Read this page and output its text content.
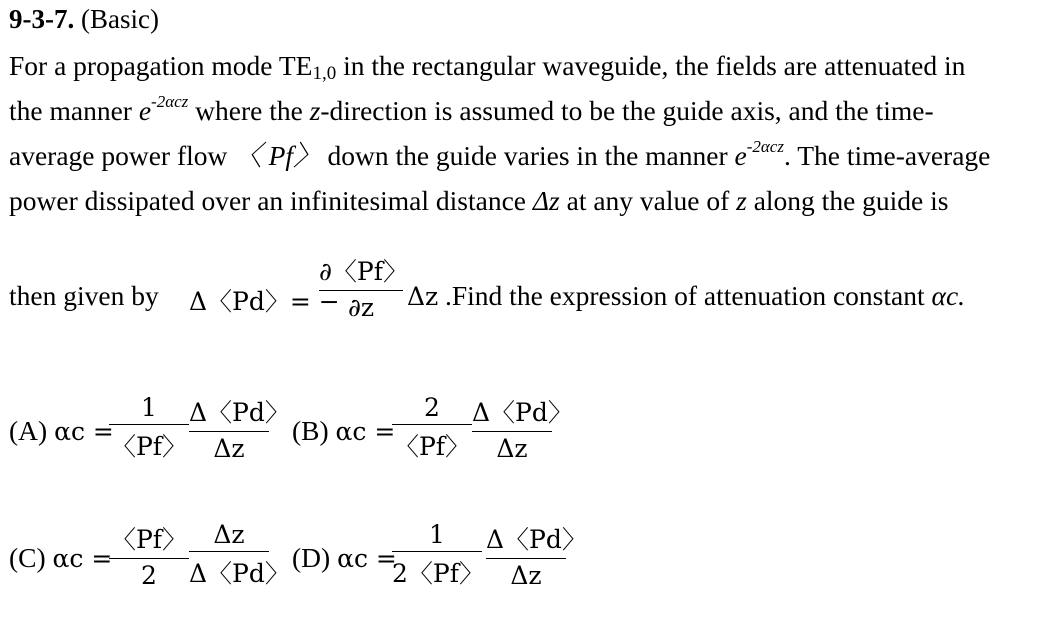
9-3-7. (Basic)
For a propagation mode $TE_{1,0}$ in the rectangular waveguide, the fields are attenuated in
the manner $e^{-2\alpha cz}$ where the z-direction is assumed to be the guide axis, and the time-
average power flow 〈 Pf〉 down the guide varies in the manner $e^{-2\alpha cz}$. The time-average
power dissipated over an infinitesimal distance Δz at any value of z along the guide is
then given by Δ〈Pd〉= −
∂〈Pf〉
∂z	Δz .Find the expression of attenuation constant αc.
(A) αc =
1
〈Pf〉
Δ〈Pd〉
Δz
(B) αc =
2
〈Pf〉
Δ〈Pd〉
Δz
(C) αc =
〈Pf〉
2
Δz
Δ〈Pd〉
(D) αc =
1
2〈Pf〉
Δ〈Pd〉
Δz
